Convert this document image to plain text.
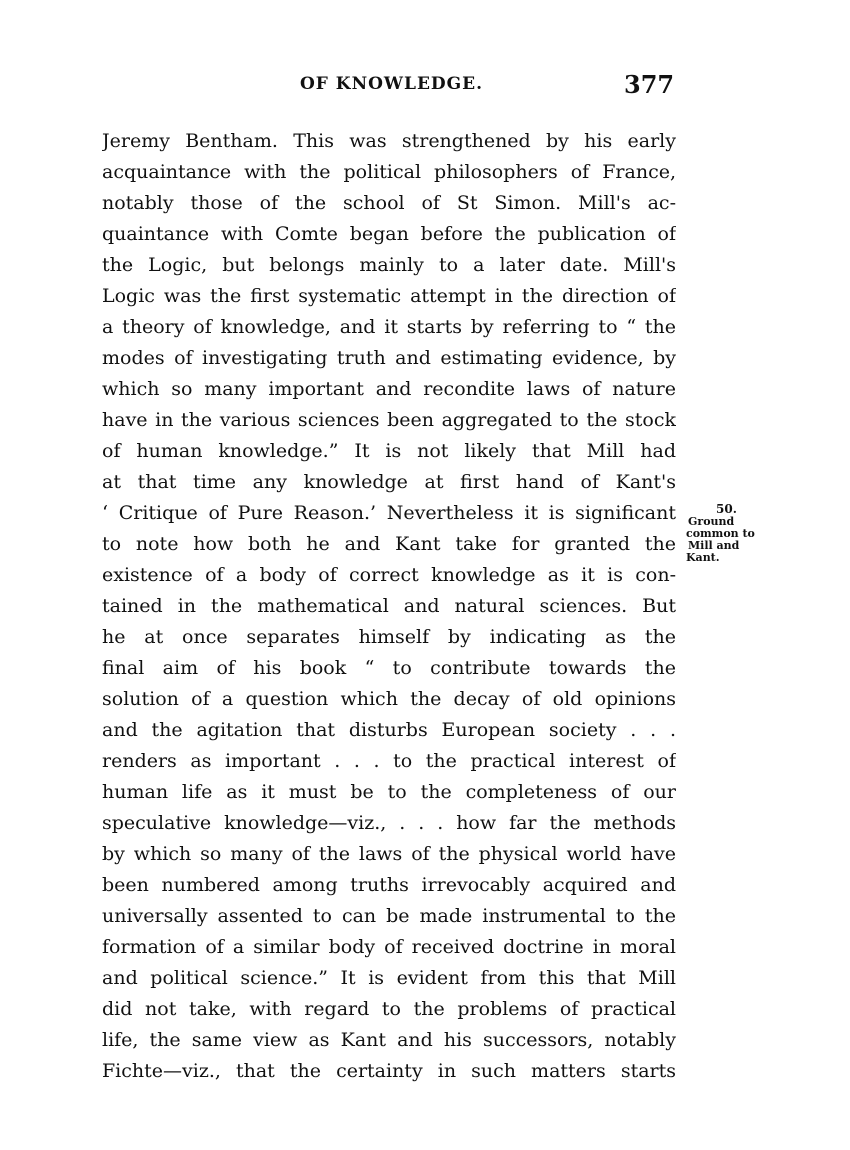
OF KNOWLEDGE.	377
Jeremy Bentham. This was strengthened by his early
acquaintance with the political philosophers of France,
notably those of the school of St Simon. Mill's ac-
quaintance with Comte began before the publication of
the Logic, but belongs mainly to a later date. Mill's
Logic was the first systematic attempt in the direction of
a theory of knowledge, and it starts by referring to “ the
modes of investigating truth and estimating evidence, by
which so many important and recondite laws of nature
have in the various sciences been aggregated to the stock
of human knowledge.” It is not likely that Mill had
at that time any knowledge at first hand of Kant's
‘ Critique of Pure Reason.’ Nevertheless it is significant
to note how both he and Kant take for granted the
existence of a body of correct knowledge as it is con-
tained in the mathematical and natural sciences. But
he at once separates himself by indicating as the
final aim of his book “ to contribute towards the
solution of a question which the decay of old opinions
and the agitation that disturbs European society . . .
renders as important . . . to the practical interest of
human life as it must be to the completeness of our
speculative knowledge—viz., . . . how far the methods
by which so many of the laws of the physical world have
been numbered among truths irrevocably acquired and
universally assented to can be made instrumental to the
formation of a similar body of received doctrine in moral
and political science.” It is evident from this that Mill
did not take, with regard to the problems of practical
life, the same view as Kant and his successors, notably
Fichte—viz., that the certainty in such matters starts
50.
Ground
common to
Mill and
Kant.
